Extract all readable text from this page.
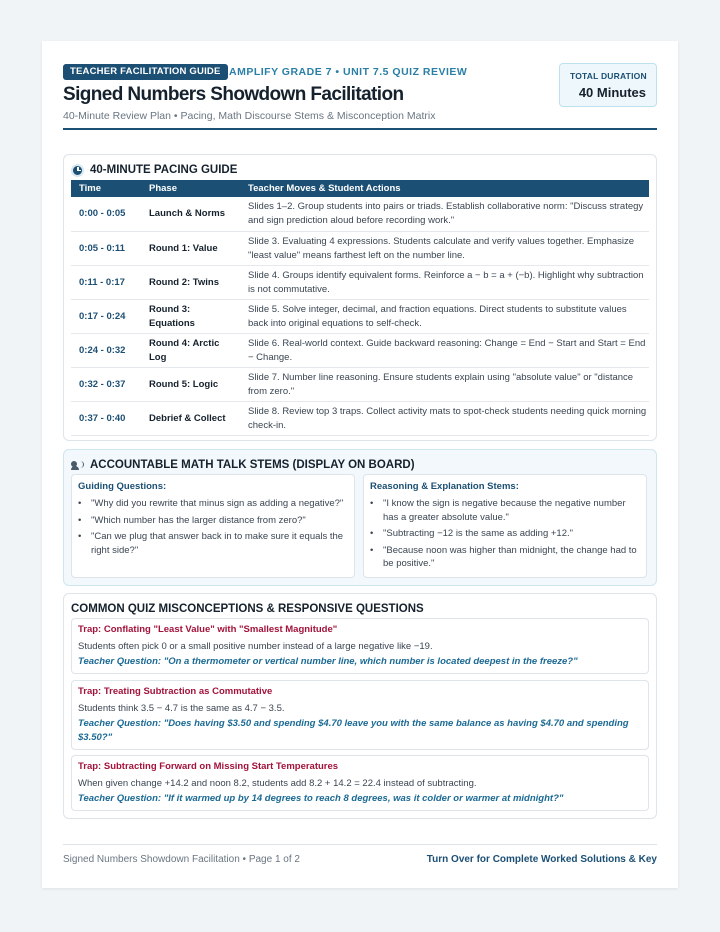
TEACHER FACILITATION GUIDE AMPLIFY GRADE 7 • UNIT 7.5 QUIZ REVIEW
Signed Numbers Showdown Facilitation
40-Minute Review Plan • Pacing, Math Discourse Stems & Misconception Matrix
TOTAL DURATION
40 Minutes
40-MINUTE PACING GUIDE
Time	Phase	Teacher Moves & Student Actions
0:00 - 0:05	Launch & Norms	Slides 1–2. Group students into pairs or triads. Establish collaborative norm: "Discuss strategy and sign prediction aloud before recording work."
0:05 - 0:11	Round 1: Value	Slide 3. Evaluating 4 expressions. Students calculate and verify values together. Emphasize "least value" means farthest left on the number line.
0:11 - 0:17	Round 2: Twins	Slide 4. Groups identify equivalent forms. Reinforce a − b = a + (−b). Highlight why subtraction is not commutative.
0:17 - 0:24	Round 3: Equations	Slide 5. Solve integer, decimal, and fraction equations. Direct students to substitute values back into original equations to self-check.
0:24 - 0:32	Round 4: Arctic Log	Slide 6. Real-world context. Guide backward reasoning: Change = End − Start and Start = End − Change.
0:32 - 0:37	Round 5: Logic	Slide 7. Number line reasoning. Ensure students explain using "absolute value" or "distance from zero."
0:37 - 0:40	Debrief & Collect	Slide 8. Review top 3 traps. Collect activity mats to spot-check students needing quick morning check-in.
ACCOUNTABLE MATH TALK STEMS (DISPLAY ON BOARD)
Guiding Questions:
• "Why did you rewrite that minus sign as adding a negative?"
• "Which number has the larger distance from zero?"
• "Can we plug that answer back in to make sure it equals the right side?"
Reasoning & Explanation Stems:
• "I know the sign is negative because the negative number has a greater absolute value."
• "Subtracting −12 is the same as adding +12."
• "Because noon was higher than midnight, the change had to be positive."
COMMON QUIZ MISCONCEPTIONS & RESPONSIVE QUESTIONS
Trap: Conflating "Least Value" with "Smallest Magnitude"
Students often pick 0 or a small positive number instead of a large negative like −19.
Teacher Question: "On a thermometer or vertical number line, which number is located deepest in the freeze?"
Trap: Treating Subtraction as Commutative
Students think 3.5 − 4.7 is the same as 4.7 − 3.5.
Teacher Question: "Does having $3.50 and spending $4.70 leave you with the same balance as having $4.70 and spending $3.50?"
Trap: Subtracting Forward on Missing Start Temperatures
When given change +14.2 and noon 8.2, students add 8.2 + 14.2 = 22.4 instead of subtracting.
Teacher Question: "If it warmed up by 14 degrees to reach 8 degrees, was it colder or warmer at midnight?"
Signed Numbers Showdown Facilitation • Page 1 of 2	Turn Over for Complete Worked Solutions & Key
